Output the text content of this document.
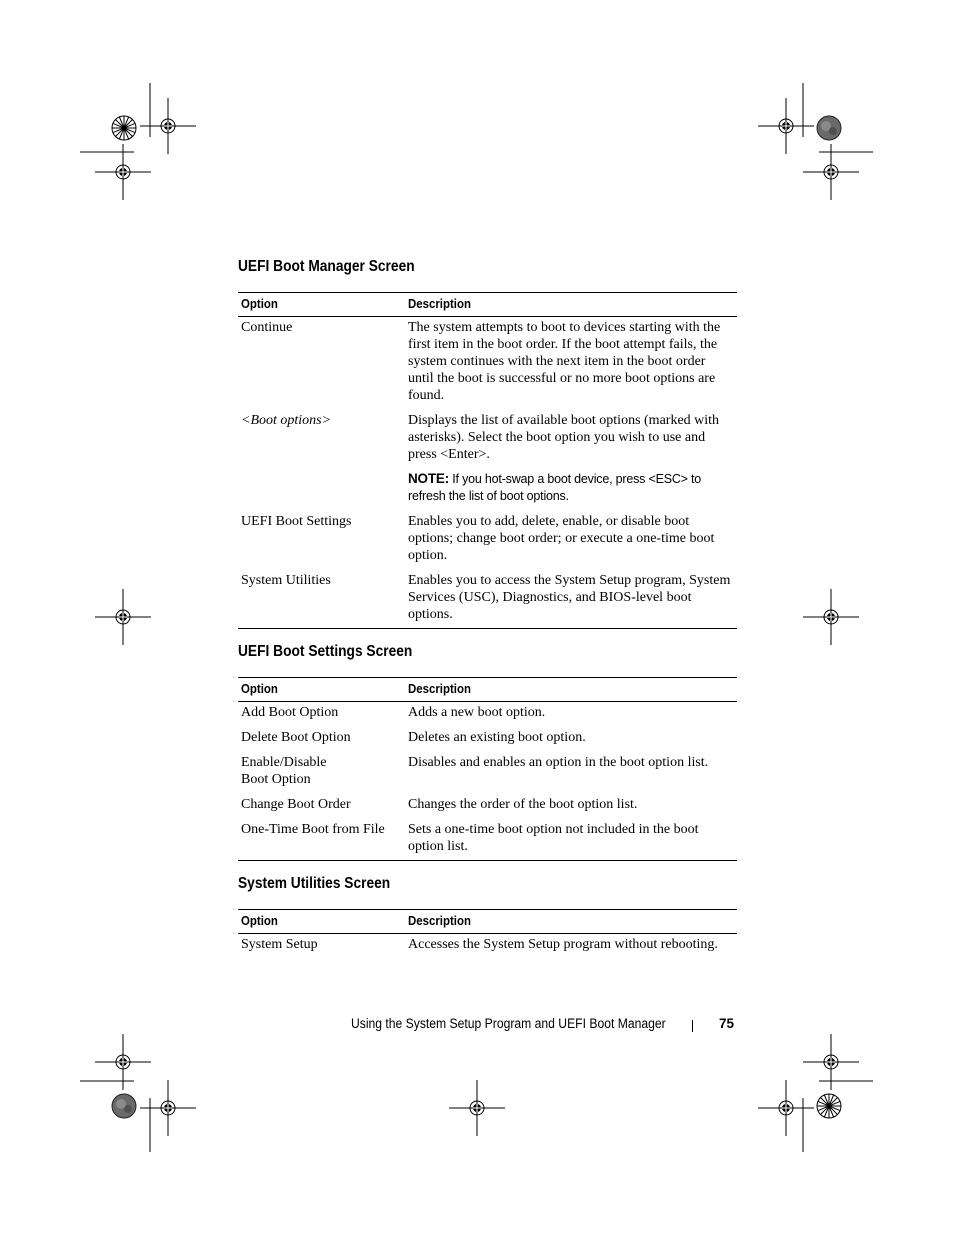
UEFI Boot Manager Screen
Option	Description
Continue	The system attempts to boot to devices starting with the first item in the boot order. If the boot attempt fails, the system continues with the next item in the boot order until the boot is successful or no more boot options are found.
<Boot options>	Displays the list of available boot options (marked with asterisks). Select the boot option you wish to use and press <Enter>.
NOTE: If you hot-swap a boot device, press <ESC> to refresh the list of boot options.

UEFI Boot Settings	Enables you to add, delete, enable, or disable boot options; change boot order; or execute a one-time boot option.
System Utilities	Enables you to access the System Setup program, System Services (USC), Diagnostics, and BIOS-level boot options.
UEFI Boot Settings Screen
Option	Description
Add Boot Option	Adds a new boot option.
Delete Boot Option	Deletes an existing boot option.
Enable/Disable Boot Option	Disables and enables an option in the boot option list.
Change Boot Order	Changes the order of the boot option list.
One-Time Boot from File	Sets a one-time boot option not included in the boot option list.
System Utilities Screen
Option	Description
System Setup	Accesses the System Setup program without rebooting.
Using the System Setup Program and UEFI Boot Manager	75
